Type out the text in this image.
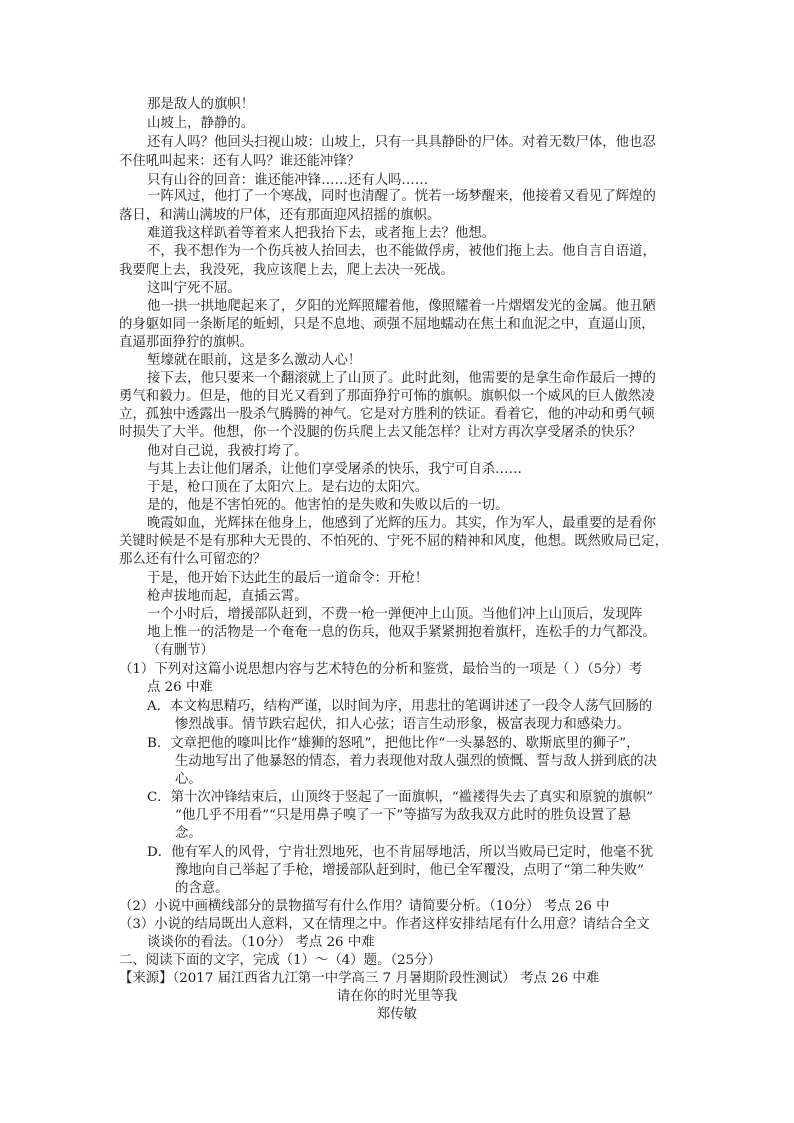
那是敌人的旗帜！
山坡上，静静的。
还有人吗？他回头扫视山坡：山坡上，只有一具具静卧的尸体。对着无数尸体，他也忍
不住吼叫起来：还有人吗？谁还能冲锋？
只有山谷的回音：谁还能冲锋……还有人吗……
一阵风过，他打了一个寒战，同时也清醒了。恍若一场梦醒来，他接着又看见了辉煌的
落日，和满山满坡的尸体，还有那面迎风招摇的旗帜。
难道我这样趴着等着来人把我抬下去，或者拖上去？他想。
不，我不想作为一个伤兵被人抬回去，也不能做俘虏，被他们拖上去。他自言自语道，
我要爬上去，我没死，我应该爬上去，爬上去决一死战。
这叫宁死不屈。
他一拱一拱地爬起来了，夕阳的光辉照耀着他，像照耀着一片熠熠发光的金属。他丑陋
的身躯如同一条断尾的蚯蚓，只是不息地、顽强不屈地蠕动在焦土和血泥之中，直逼山顶，
直逼那面狰狞的旗帜。
堑壕就在眼前，这是多么激动人心！
接下去，他只要来一个翻滚就上了山顶了。此时此刻，他需要的是拿生命作最后一搏的
勇气和毅力。但是，他的目光又看到了那面狰狞可怖的旗帜。旗帜似一个威风的巨人傲然凌
立，孤独中透露出一股杀气腾腾的神气。它是对方胜利的铁证。看着它，他的冲动和勇气顿
时损失了大半。他想，你一个没腿的伤兵爬上去又能怎样？让对方再次享受屠杀的快乐？
他对自己说，我被打垮了。
与其上去让他们屠杀，让他们享受屠杀的快乐，我宁可自杀……
于是，枪口顶在了太阳穴上。是右边的太阳穴。
是的，他是不害怕死的。他害怕的是失败和失败以后的一切。
晚霞如血，光辉抹在他身上，他感到了光辉的压力。其实，作为军人，最重要的是看你
关键时候是不是有那种大无畏的、不怕死的、宁死不屈的精神和风度，他想。既然败局已定，
那么还有什么可留恋的？
于是，他开始下达此生的最后一道命令：开枪！
枪声拔地而起，直插云霄。
一个小时后，增援部队赶到，不费一枪一弹便冲上山顶。当他们冲上山顶后，发现阵
地上惟一的活物是一个奄奄一息的伤兵，他双手紧紧拥抱着旗杆，连松手的力气都没。
（有删节）
（1）下列对这篇小说思想内容与艺术特色的分析和鉴赏，最恰当的一项是（ ）（5分）考
点 26 中难
A．本文构思精巧，结构严谨，以时间为序，用悲壮的笔调讲述了一段令人荡气回肠的
惨烈战事。情节跌宕起伏，扣人心弦；语言生动形象，极富表现力和感染力。
B．文章把他的嚎叫比作“雄狮的怒吼”，把他比作“一头暴怒的、歇斯底里的狮子”，
生动地写出了他暴怒的情态，着力表现他对敌人强烈的愤慨、誓与敌人拼到底的决
心。
C．第十次冲锋结束后，山顶终于竖起了一面旗帜，“褴褛得失去了真实和原貌的旗帜”
“他几乎不用看”“只是用鼻子嗅了一下”等描写为敌我双方此时的胜负设置了悬
念。
D．他有军人的风骨，宁肯壮烈地死，也不肯屈辱地活，所以当败局已定时，他毫不犹
豫地向自己举起了手枪，增援部队赶到时，他已全军覆没，点明了“第二种失败”
的含意。
（2）小说中画横线部分的景物描写有什么作用？请简要分析。（10分） 考点 26 中
（3）小说的结局既出人意料，又在情理之中。作者这样安排结尾有什么用意？请结合全文
谈谈你的看法。（10分） 考点 26 中难
二、阅读下面的文字，完成（1）～（4）题。（25分）
【来源】（2017 届江西省九江第一中学高三 7 月暑期阶段性测试） 考点 26 中难
请在你的时光里等我
郑传敏
